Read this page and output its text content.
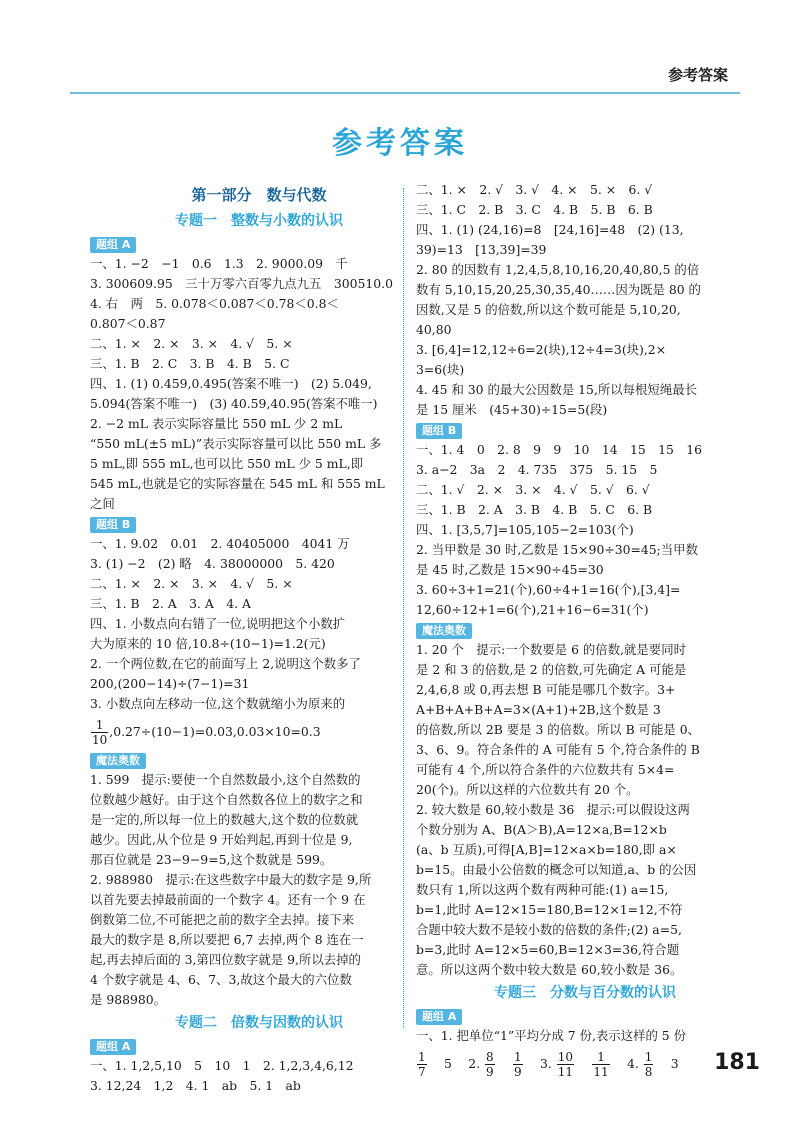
参考答案
参考答案
第一部分　数与代数
专题一　整数与小数的认识
题组 A
一、1. −2　−1　0.6　1.3　2. 9000.09　千
3. 300609.95　三十万零六百零九点九五　300510.0
4. 右　两　5. 0.078＜0.087＜0.78＜0.8＜
0.807＜0.87
二、1. ×　2. ×　3. ×　4. √　5. ×
三、1. B　2. C　3. B　4. B　5. C
四、1. (1) 0.459,0.495(答案不唯一)　(2) 5.049,
5.094(答案不唯一)　(3) 40.59,40.95(答案不唯一)
2. −2 mL 表示实际容量比 550 mL 少 2 mL
“550 mL(±5 mL)”表示实际容量可以比 550 mL 多
5 mL,即 555 mL,也可以比 550 mL 少 5 mL,即
545 mL,也就是它的实际容量在 545 mL 和 555 mL
之间
题组 B
一、1. 9.02　0.01　2. 40405000　4041 万
3. (1) −2　(2) 略　4. 38000000　5. 420
二、1. ×　2. ×　3. ×　4. √　5. ×
三、1. B　2. A　3. A　4. A
四、1. 小数点向右错了一位,说明把这个小数扩
大为原来的 10 倍,10.8÷(10−1)=1.2(元)
2. 一个两位数,在它的前面写上 2,说明这个数多了
200,(200−14)÷(7−1)=31
3. 小数点向左移动一位,这个数就缩小为原来的
$\frac{1}{10} ,0.27\div(10-1)=0.03,0.03\times 10=0.3$
魔法奥数
1. 599　提示:要使一个自然数最小,这个自然数的
位数越少越好。由于这个自然数各位上的数字之和
是一定的,所以每一位上的数越大,这个数的位数就
越少。因此,从个位是 9 开始判起,再到十位是 9,
那百位就是 23−9−9=5,这个数就是 599。
2. 988980　提示:在这些数字中最大的数字是 9,所
以首先要去掉最前面的一个数字 4。还有一个 9 在
倒数第二位,不可能把之前的数字全去掉。接下来
最大的数字是 8,所以要把 6,7 去掉,两个 8 连在一
起,再去掉后面的 3,第四位数字就是 9,所以去掉的
4 个数字就是 4、6、7、3,故这个最大的六位数
是 988980。
专题二　倍数与因数的认识
题组 A
一、1. 1,2,5,10　5　10　1　2. 1,2,3,4,6,12
3. 12,24　1,2　4. 1　ab　5. 1　ab
二、1. ×　2. √　3. √　4. ×　5. ×　6. √
三、1. C　2. B　3. C　4. B　5. B　6. B
四、1. (1) (24,16)=8　[24,16]=48　(2) (13,
39)=13　[13,39]=39
2. 80 的因数有 1,2,4,5,8,10,16,20,40,80,5 的倍
数有 5,10,15,20,25,30,35,40……因为既是 80 的
因数,又是 5 的倍数,所以这个数可能是 5,10,20,
40,80
3. [6,4]=12,12÷6=2(块),12÷4=3(块),2×
3=6(块)
4. 45 和 30 的最大公因数是 15,所以每根短绳最长
是 15 厘米　(45+30)÷15=5(段)
题组 B
一、1. 4　0　2. 8　9　9　10　14　15　15　16
3. a−2　3a　2　4. 735　375　5. 15　5
二、1. √　2. ×　3. ×　4. √　5. √　6. √
三、1. B　2. A　3. B　4. B　5. C　6. B
四、1. [3,5,7]=105,105−2=103(个)
2. 当甲数是 30 时,乙数是 15×90÷30=45;当甲数
是 45 时,乙数是 15×90÷45=30
3. 60÷3+1=21(个),60÷4+1=16(个),[3,4]=
12,60÷12+1=6(个),21+16−6=31(个)
魔法奥数
1. 20 个　提示:一个数要是 6 的倍数,就是要同时
是 2 和 3 的倍数,是 2 的倍数,可先确定 A 可能是
2,4,6,8 或 0,再去想 B 可能是哪几个数字。3+
A+B+A+B+A=3×(A+1)+2B,这个数是 3
的倍数,所以 2B 要是 3 的倍数。所以 B 可能是 0、
3、6、9。符合条件的 A 可能有 5 个,符合条件的 B
可能有 4 个,所以符合条件的六位数共有 5×4=
20(个)。所以这样的六位数共有 20 个。
2. 较大数是 60,较小数是 36　提示:可以假设这两
个数分别为 A、B(A＞B),A=12×a,B=12×b
(a、b 互质),可得[A,B]=12×a×b=180,即 a×
b=15。由最小公倍数的概念可以知道,a、b 的公因
数只有 1,所以这两个数有两种可能:(1) a=15,
b=1,此时 A=12×15=180,B=12×1=12,不符
合题中较大数不是较小数的倍数的条件;(2) a=5,
b=3,此时 A=12×5=60,B=12×3=36,符合题
意。所以这两个数中较大数是 60,较小数是 36。
专题三　分数与百分数的认识
题组 A
一、1. 把单位“1”平均分成 7 份,表示这样的 5 份
$\frac{1}{7}$
  5  2. $\frac{8}{9}$
  $\frac{1}{9}$
  3. $\frac{10}{11}$
  $\frac{1}{11}$
  4. $\frac{1}{8}$
  3	181
